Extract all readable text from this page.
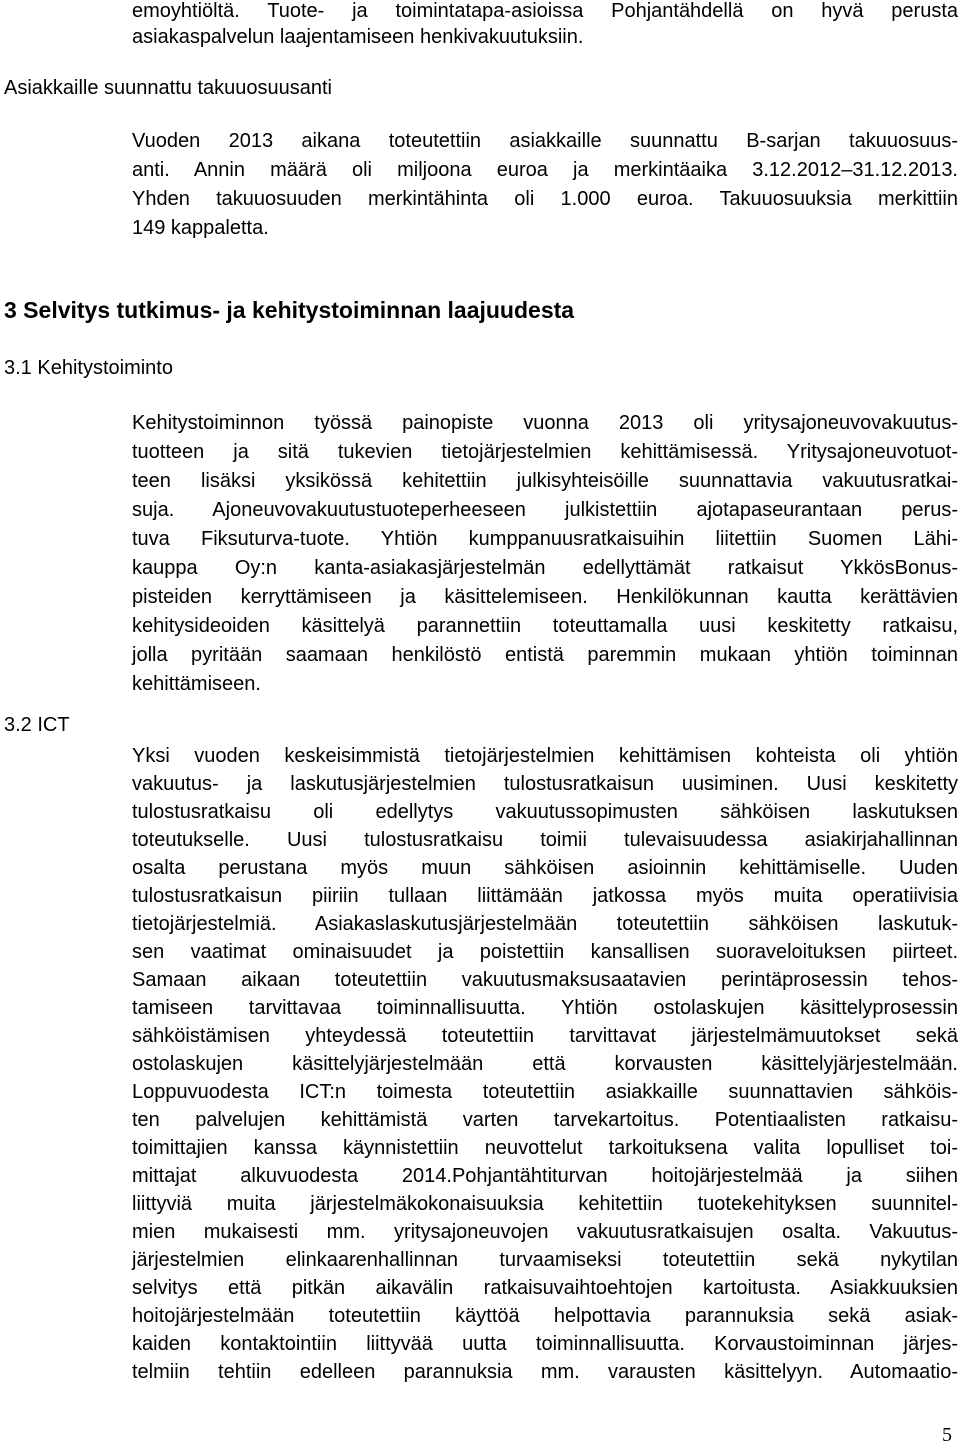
emoyhtiöltä. Tuote- ja toimintatapa-asioissa Pohjantähdellä on hyvä perusta
asiakaspalvelun laajentamiseen henkivakuutuksiin.
Asiakkaille suunnattu takuuosuusanti
Vuoden 2013 aikana toteutettiin asiakkaille suunnattu B-sarjan takuuosuus-
anti. Annin määrä oli miljoona euroa ja merkintäaika 3.12.2012–31.12.2013.
Yhden takuuosuuden merkintähinta oli 1.000 euroa. Takuuosuuksia merkittiin
149 kappaletta.
3 Selvitys tutkimus- ja kehitystoiminnan laajuudesta
3.1 Kehitystoiminto
Kehitystoiminnon työssä painopiste vuonna 2013 oli yritysajoneuvovakuutus-
tuotteen ja sitä tukevien tietojärjestelmien kehittämisessä. Yritysajoneuvotuot-
teen lisäksi yksikössä kehitettiin julkisyhteisöille suunnattavia vakuutusratkai-
suja. Ajoneuvovakuutustuoteperheeseen julkistettiin ajotapaseurantaan perus-
tuva Fiksuturva-tuote. Yhtiön kumppanuusratkaisuihin liitettiin Suomen Lähi-
kauppa Oy:n kanta-asiakasjärjestelmän edellyttämät ratkaisut YkkösBonus-
pisteiden kerryttämiseen ja käsittelemiseen. Henkilökunnan kautta kerättävien
kehitysideoiden käsittelyä parannettiin toteuttamalla uusi keskitetty ratkaisu,
jolla pyritään saamaan henkilöstö entistä paremmin mukaan yhtiön toiminnan
kehittämiseen.
3.2 ICT
Yksi vuoden keskeisimmistä tietojärjestelmien kehittämisen kohteista oli yhtiön
vakuutus- ja laskutusjärjestelmien tulostusratkaisun uusiminen. Uusi keskitetty
tulostusratkaisu oli edellytys vakuutussopimusten sähköisen laskutuksen
toteutukselle. Uusi tulostusratkaisu toimii tulevaisuudessa asiakirjahallinnan
osalta perustana myös muun sähköisen asioinnin kehittämiselle. Uuden
tulostusratkaisun piiriin tullaan liittämään jatkossa myös muita operatiivisia
tietojärjestelmiä. Asiakaslaskutusjärjestelmään toteutettiin sähköisen laskutuk-
sen vaatimat ominaisuudet ja poistettiin kansallisen suoraveloituksen piirteet.
Samaan aikaan toteutettiin vakuutusmaksusaatavien perintäprosessin tehos-
tamiseen tarvittavaa toiminnallisuutta. Yhtiön ostolaskujen käsittelyprosessin
sähköistämisen yhteydessä toteutettiin tarvittavat järjestelmämuutokset sekä
ostolaskujen käsittelyjärjestelmään että korvausten käsittelyjärjestelmään.
Loppuvuodesta ICT:n toimesta toteutettiin asiakkaille suunnattavien sähköis-
ten palvelujen kehittämistä varten tarvekartoitus. Potentiaalisten ratkaisu-
toimittajien kanssa käynnistettiin neuvottelut tarkoituksena valita lopulliset toi-
mittajat alkuvuodesta 2014.Pohjantähtiturvan hoitojärjestelmää ja siihen
liittyviä muita järjestelmäkokonaisuuksia kehitettiin tuotekehityksen suunnitel-
mien mukaisesti mm. yritysajoneuvojen vakuutusratkaisujen osalta. Vakuutus-
järjestelmien elinkaarenhallinnan turvaamiseksi toteutettiin sekä nykytilan
selvitys että pitkän aikavälin ratkaisuvaihtoehtojen kartoitusta. Asiakkuuksien
hoitojärjestelmään toteutettiin käyttöä helpottavia parannuksia sekä asiak-
kaiden kontaktointiin liittyvää uutta toiminnallisuutta. Korvaustoiminnan järjes-
telmiin tehtiin edelleen parannuksia mm. varausten käsittelyyn. Automaatio-
5
